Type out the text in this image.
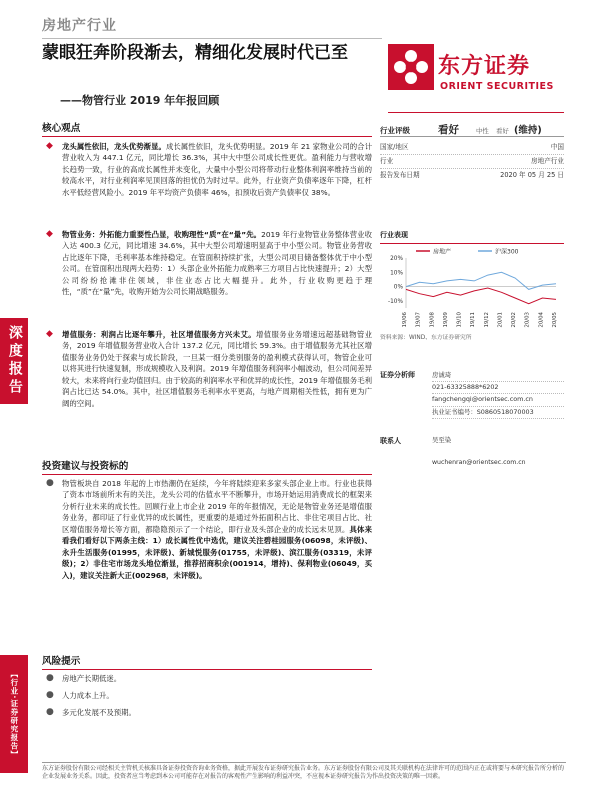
房地产行业
蒙眼狂奔阶段渐去，精细化发展时代已至
——物管行业 2019 年年报回顾
东方证券
ORIENT SECURITIES
深度报告
【行业·证券研究报告】
核心观点
◆ 龙头属性依旧，龙头优势渐显。成长属性依旧，龙头优势明显。2019 年 21 家物业公司的合计营业收入为 447.1 亿元，同比增长 36.3%，其中大中型公司成长性更优。盈利能力与营收增长趋势一致，行业的高成长属性并未变化，大量中小型公司将带动行业整体利润率维持当前的较高水平，对行业利润率见顶回落的担忧仍为时过早。此外，行业资产负债率逐年下降，杠杆水平低经营风险小。2019 年平均资产负债率 46%，扣预收后资产负债率仅 38%。
◆ 物管业务：外拓能力重要性凸显，收购理性“质”在“量”先。2019 年行业物管业务整体营业收入达 400.3 亿元，同比增速 34.6%，其中大型公司增速明显高于中小型公司。物管业务营收占比逐年下降，毛利率基本维持稳定。在管面积持续扩张，大型公司项目储备整体优于中小型公司。在管面积出现两大趋势：1）头部企业外拓能力成熟率三方项目占比快速提升；2）大型公司纷纷抢滩非住领域，非住业态占比大幅提升。此外，行业收购更趋于理性，“质”在“量”先，收购开始为公司长期战略服务。
◆ 增值服务：利润占比逐年攀升，社区增值服务方兴未艾。增值服务业务增速远超基础物管业务，2019 年增值服务营业收入合计 137.2 亿元，同比增长 59.3%。由于增值服务尤其社区增值服务业务仍处于探索与成长阶段，一旦某一细分类别服务的盈利模式获得认可，物管企业可以将其进行快速复制，形成规模收入及利润。2019 年增值服务利润率小幅波动，但公司间差异较大，未来将向行业均值回归。由于较高的利润率水平和优异的成长性，2019 年增值服务毛利润占比已达 54.0%。其中，社区增值服务毛利率水平更高，与地产周期相关性低，拥有更为广阔的空间。
投资建议与投资标的
● 物管板块自 2018 年起的上市热潮仍在延续，今年将陆续迎来多家头部企业上市。行业也获得了资本市场前所未有的关注，龙头公司的估值水平不断攀升，市场开始运用消费成长的框架来分析行业未来的成长性。回顾行业上市企业 2019 年的年报情况，无论是物管业务还是增值服务业务，都印证了行业优异的成长属性，更重要的是通过外拓面积占比、非住宅项目占比、社区增值服务增长等方面，都隐隐预示了一个结论，即行业及头部企业的成长远未见顶。具体来看我们看好以下两条主线：1）成长属性优中选优，建议关注碧桂园服务(06098，未评级)、永升生活服务(01995，未评级)、新城悦服务(01755，未评级)、滨江服务(03319，未评级)；2）非住宅市场龙头地位渐显，推荐招商积余(001914，增持)、保利物业(06049，买入)，建议关注新大正(002968，未评级)。
风险提示
● 房地产长期低迷。
● 人力成本上升。
● 多元化发展不及预期。
行业评级	看好	中性	看好 (维持)
国家/地区	中国
行业	房地产行业
报告发布日期	2020 年 05 月 25 日
行业表现
房地产	沪深300
20%
10%
0%
-10%
19/06 19/07 19/08 19/09 19/10 19/11 19/12 20/01 20/02 20/03 20/04 20/05
资料来源：WIND、东方证券研究所
证券分析师	房诚琦
021-63325888*6202
fangchengqi@orientsec.com.cn
执业证书编号：S0860518070003
联系人	吴至染
wuchenran@orientsec.com.cn
东方证券股份有限公司经相关主管机关核准具备证券投资咨询业务资格，据此开展发布证券研究报告业务。东方证券股份有限公司及其关联机构在法律许可的范围内正在或将要与本研究报告所分析的企业发展业务关系。因此，投资者应当考虑到本公司可能存在对报告的客观性产生影响的利益冲突，不应视本证券研究报告为作出投资决策的唯一因素。
